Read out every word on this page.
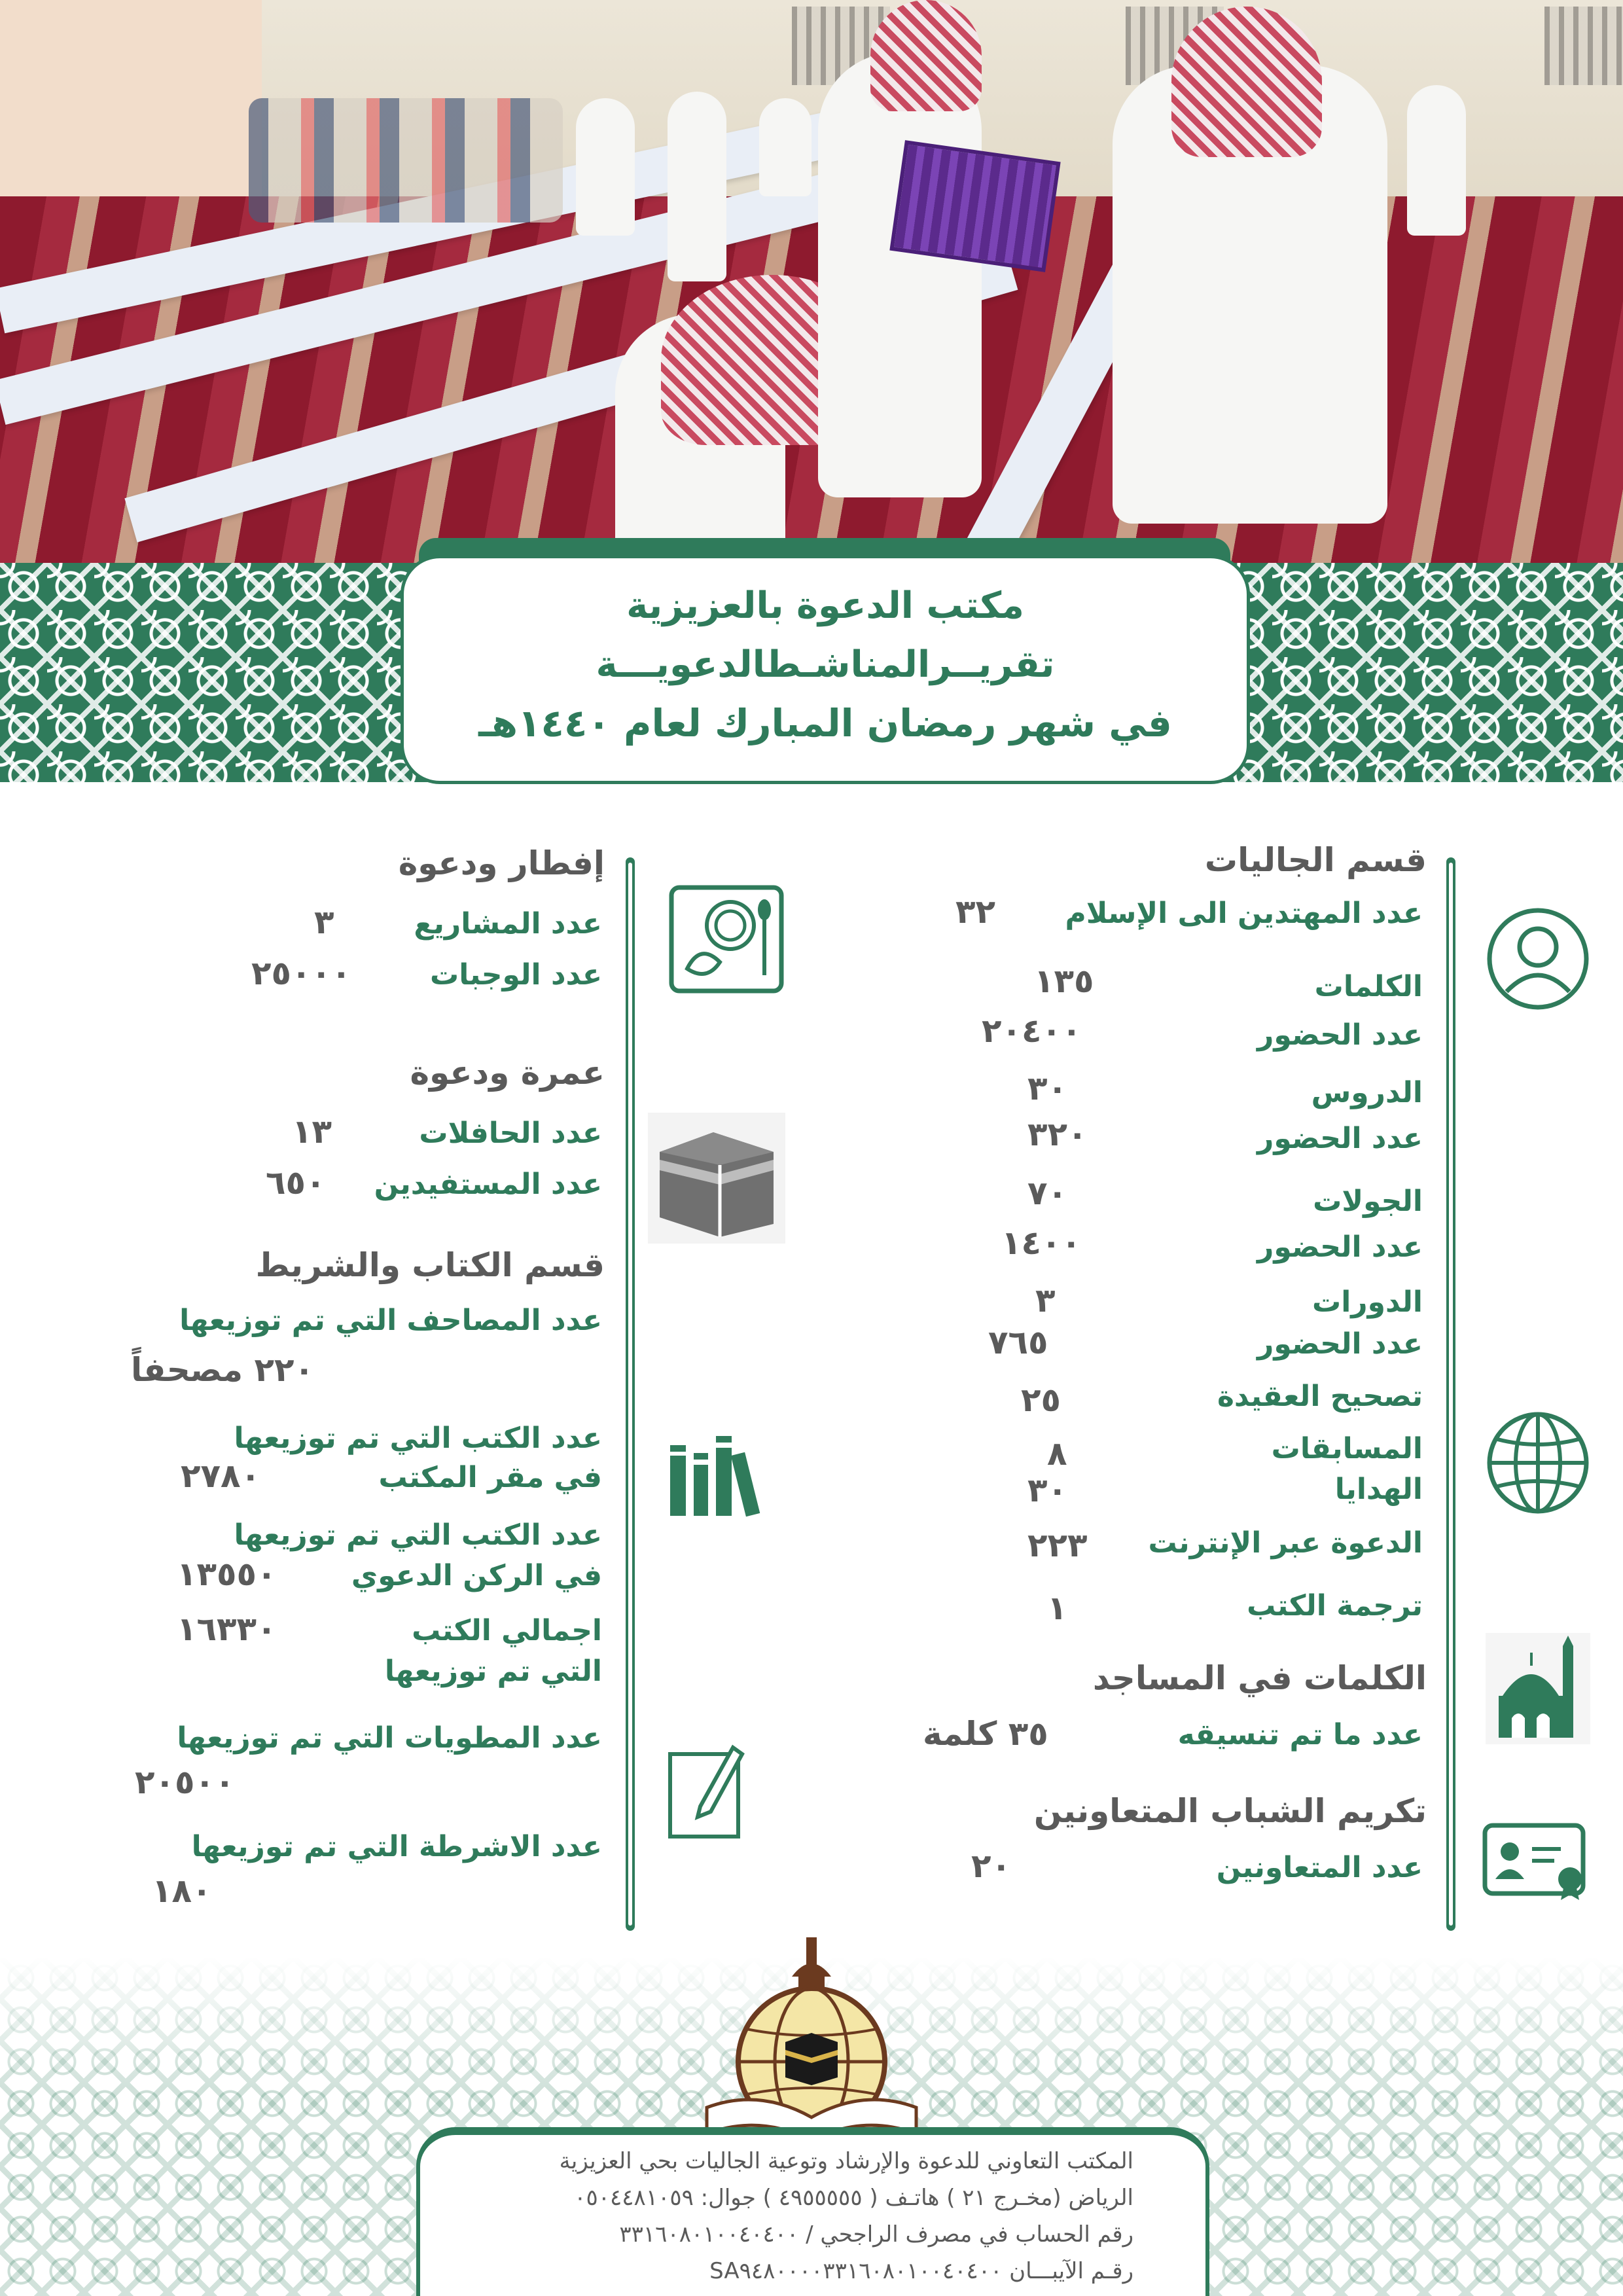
مكتب الدعوة بالعزيزية
تقريــرالمناشـطالدعويـــة
في شهر رمضان المبارك لعام ١٤٤٠هـ
قسم الجاليات
عدد المهتدين الى الإسلام
٣٢
الكلمات
١٣٥
عدد الحضور
٢٠٤٠٠
الدروس
٣٠
عدد الحضور
٣٢٠
الجولات
٧٠
عدد الحضور
١٤٠٠
الدورات
٣
عدد الحضور
٧٦٥
تصحيح العقيدة
٢٥
المسابقات
٨
الهدايا
٣٠
الدعوة عبر الإنترنت
٢٢٣
ترجمة الكتب
١
الكلمات في المساجد
عدد ما تم تنسيقه
٣٥ كلمة
تكريم الشباب المتعاونين
عدد المتعاونين
٢٠
إفطار ودعوة
عدد المشاريع
٣
عدد الوجبات
٢٥٠٠٠
عمرة ودعوة
عدد الحافلات
١٣
عدد المستفيدين
٦٥٠
قسم الكتاب والشريط
عدد المصاحف التي تم توزيعها
٢٢٠ مصحفاً
عدد الكتب التي تم توزيعها
في مقر المكتب
٢٧٨٠
عدد الكتب التي تم توزيعها
في الركن الدعوي
١٣٥٥٠
اجمالي الكتب
التي تم توزيعها
١٦٣٣٠
عدد المطويات التي تم توزيعها
٢٠٥٠٠
عدد الاشرطة التي تم توزيعها
١٨٠
المكتب التعاوني للدعوة والإرشاد وتوعية الجاليات بحي العزيزية
الرياض (مخـرج ٢١ ) هاتـف ( ٤٩٥٥٥٥٥ ) جوال: ٠٥٠٤٤٨١٠٥٩
رقم الحساب في مصرف الراجحي / ٣٣١٦٠٨٠١٠٠٤٠٤٠٠
رقـم الآيبـــان SA٩٤٨٠٠٠٠٣٣١٦٠٨٠١٠٠٤٠٤٠٠
